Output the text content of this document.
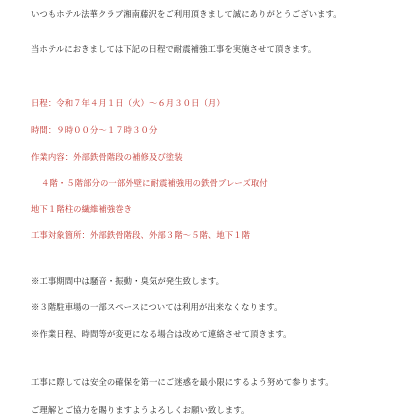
いつもホテル法華クラブ湘南藤沢をご利用頂きまして誠にありがとうございます。
当ホテルにおきましては下記の日程で耐震補強工事を実施させて頂きます。
日程：令和７年４月１日（火）～６月３０日（月）
時間：９時００分～１７時３０分
作業内容：外部鉄骨階段の補修及び塗装
４階・５階部分の一部外壁に耐震補強用の鉄骨ブレーズ取付
地下１階柱の繊維補強巻き
工事対象箇所：外部鉄骨階段、外部３階～５階、地下１階
※工事期間中は騒音・振動・臭気が発生致します。
※３階駐車場の一部スペースについては利用が出来なくなります。
※作業日程、時間等が変更になる場合は改めて連絡させて頂きます。
工事に際しては安全の確保を第一にご迷惑を最小限にするよう努めて参ります。
ご理解とご協力を賜りますようよろしくお願い致します。
